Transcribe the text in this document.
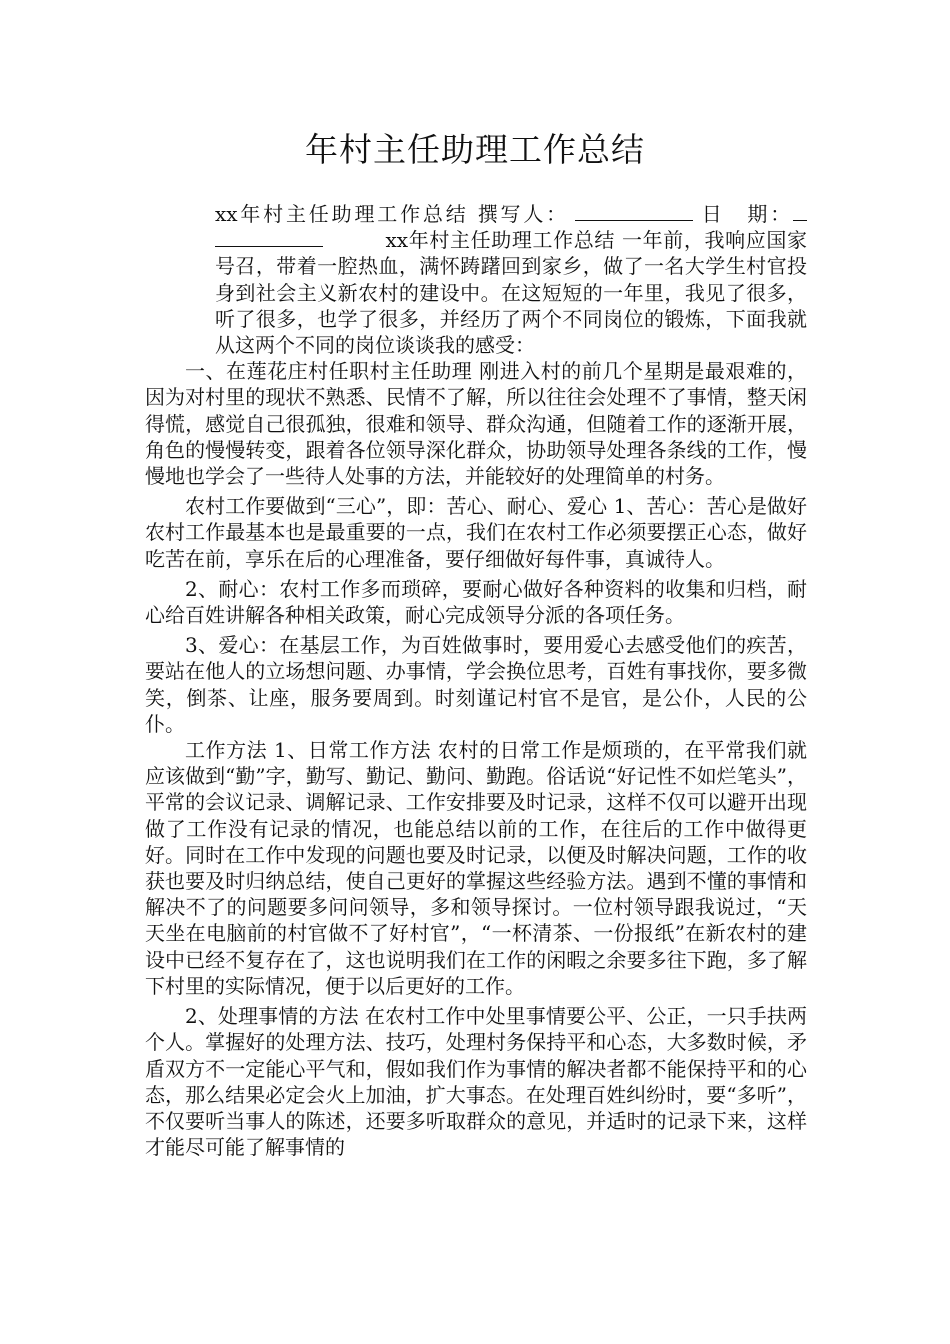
年村主任助理工作总结

xx年村主任助理工作总结 撰写人：	日　期：　　　xx年村主任助理工作总结 一年前，我响应国家号召，带着一腔热血，满怀踌躇回到家乡，做了一名大学生村官投身到社会主义新农村的建设中。在这短短的一年里，我见了很多，听了很多，也学了很多，并经历了两个不同岗位的锻炼，下面我就从这两个不同的岗位谈谈我的感受：

一、在莲花庄村任职村主任助理 刚进入村的前几个星期是最艰难的，因为对村里的现状不熟悉、民情不了解，所以往往会处理不了事情，整天闲得慌，感觉自己很孤独，很难和领导、群众沟通，但随着工作的逐渐开展，角色的慢慢转变，跟着各位领导深化群众，协助领导处理各条线的工作，慢慢地也学会了一些待人处事的方法，并能较好的处理简单的村务。

农村工作要做到“三心”，即：苦心、耐心、爱心 1、苦心：苦心是做好农村工作最基本也是最重要的一点，我们在农村工作必须要摆正心态，做好吃苦在前，享乐在后的心理准备，要仔细做好每件事，真诚待人。

2、耐心：农村工作多而琐碎，要耐心做好各种资料的收集和归档，耐心给百姓讲解各种相关政策，耐心完成领导分派的各项任务。

3、爱心：在基层工作，为百姓做事时，要用爱心去感受他们的疾苦，要站在他人的立场想问题、办事情，学会换位思考，百姓有事找你，要多微笑，倒茶、让座，服务要周到。时刻谨记村官不是官，是公仆，人民的公仆。

工作方法 1、日常工作方法 农村的日常工作是烦琐的，在平常我们就应该做到“勤”字，勤写、勤记、勤问、勤跑。俗话说“好记性不如烂笔头”，平常的会议记录、调解记录、工作安排要及时记录，这样不仅可以避开出现做了工作没有记录的情况，也能总结以前的工作，在往后的工作中做得更好。同时在工作中发现的问题也要及时记录，以便及时解决问题，工作的收获也要及时归纳总结，使自己更好的掌握这些经验方法。遇到不懂的事情和解决不了的问题要多问问领导，多和领导探讨。一位村领导跟我说过，“天天坐在电脑前的村官做不了好村官”，“一杯清茶、一份报纸”在新农村的建设中已经不复存在了，这也说明我们在工作的闲暇之余要多往下跑，多了解下村里的实际情况，便于以后更好的工作。

2、处理事情的方法 在农村工作中处里事情要公平、公正，一只手扶两个人。掌握好的处理方法、技巧，处理村务保持平和心态，大多数时候，矛盾双方不一定能心平气和，假如我们作为事情的解决者都不能保持平和的心态，那么结果必定会火上加油，扩大事态。在处理百姓纠纷时，要“多听”，不仅要听当事人的陈述，还要多听取群众的意见，并适时的记录下来，这样才能尽可能了解事情的
